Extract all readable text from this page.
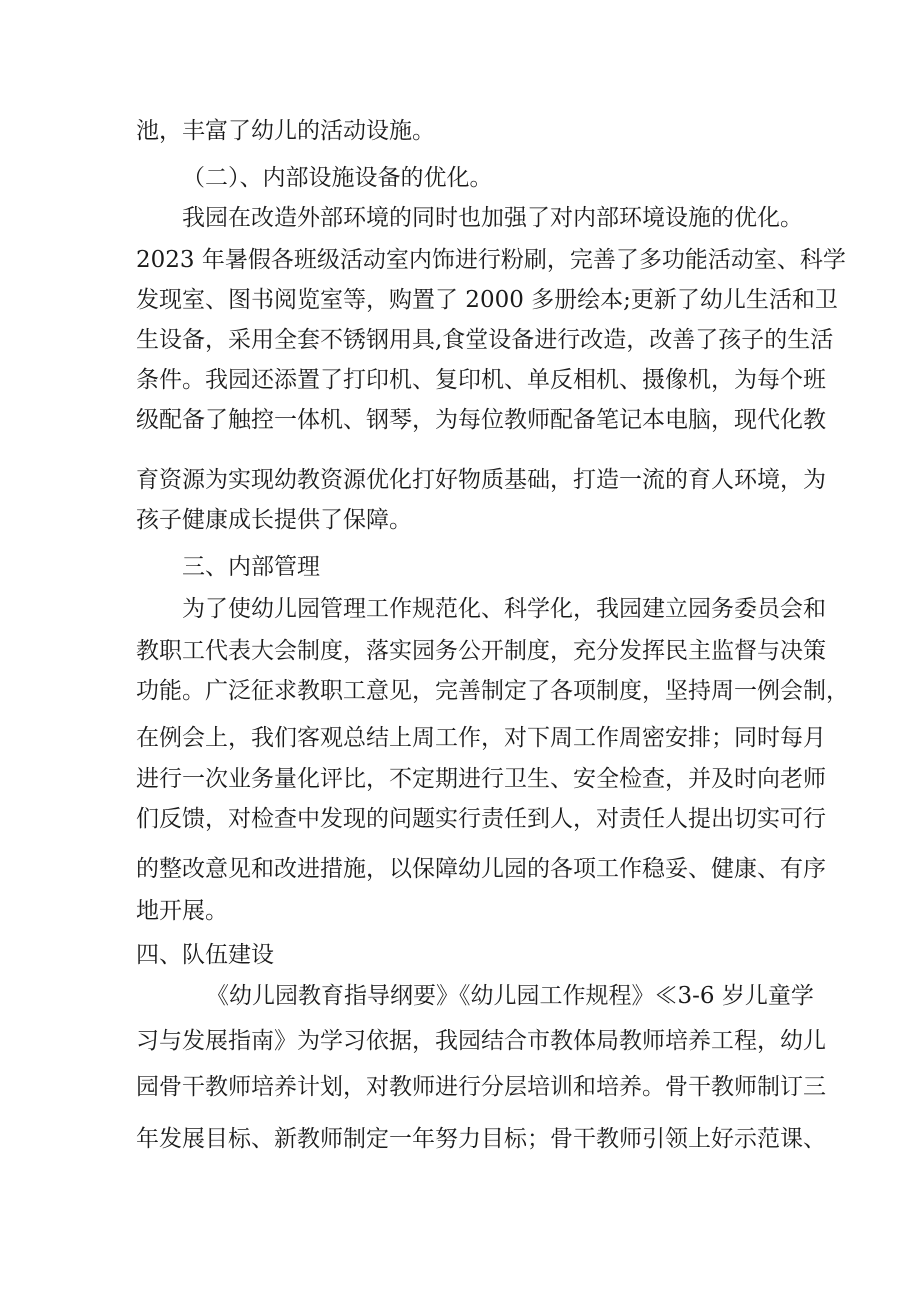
池，丰富了幼儿的活动设施。
（二）、内部设施设备的优化。
我园在改造外部环境的同时也加强了对内部环境设施的优化。
2023 年暑假各班级活动室内饰进行粉刷，完善了多功能活动室、科学
发现室、图书阅览室等，购置了 2000 多册绘本;更新了幼儿生活和卫
生设备，采用全套不锈钢用具,食堂设备进行改造，改善了孩子的生活
条件。我园还添置了打印机、复印机、单反相机、摄像机，为每个班
级配备了触控一体机、钢琴，为每位教师配备笔记本电脑，现代化教
育资源为实现幼教资源优化打好物质基础，打造一流的育人环境，为
孩子健康成长提供了保障。
三、内部管理
为了使幼儿园管理工作规范化、科学化，我园建立园务委员会和
教职工代表大会制度，落实园务公开制度，充分发挥民主监督与决策
功能。广泛征求教职工意见，完善制定了各项制度，坚持周一例会制，
在例会上，我们客观总结上周工作，对下周工作周密安排；同时每月
进行一次业务量化评比，不定期进行卫生、安全检查，并及时向老师
们反馈，对检查中发现的问题实行责任到人，对责任人提出切实可行
的整改意见和改进措施，以保障幼儿园的各项工作稳妥、健康、有序
地开展。
四、队伍建设
《幼儿园教育指导纲要》《幼儿园工作规程》≪3-6 岁儿童学
习与发展指南》为学习依据，我园结合市教体局教师培养工程，幼儿
园骨干教师培养计划，对教师进行分层培训和培养。骨干教师制订三
年发展目标、新教师制定一年努力目标；骨干教师引领上好示范课、
